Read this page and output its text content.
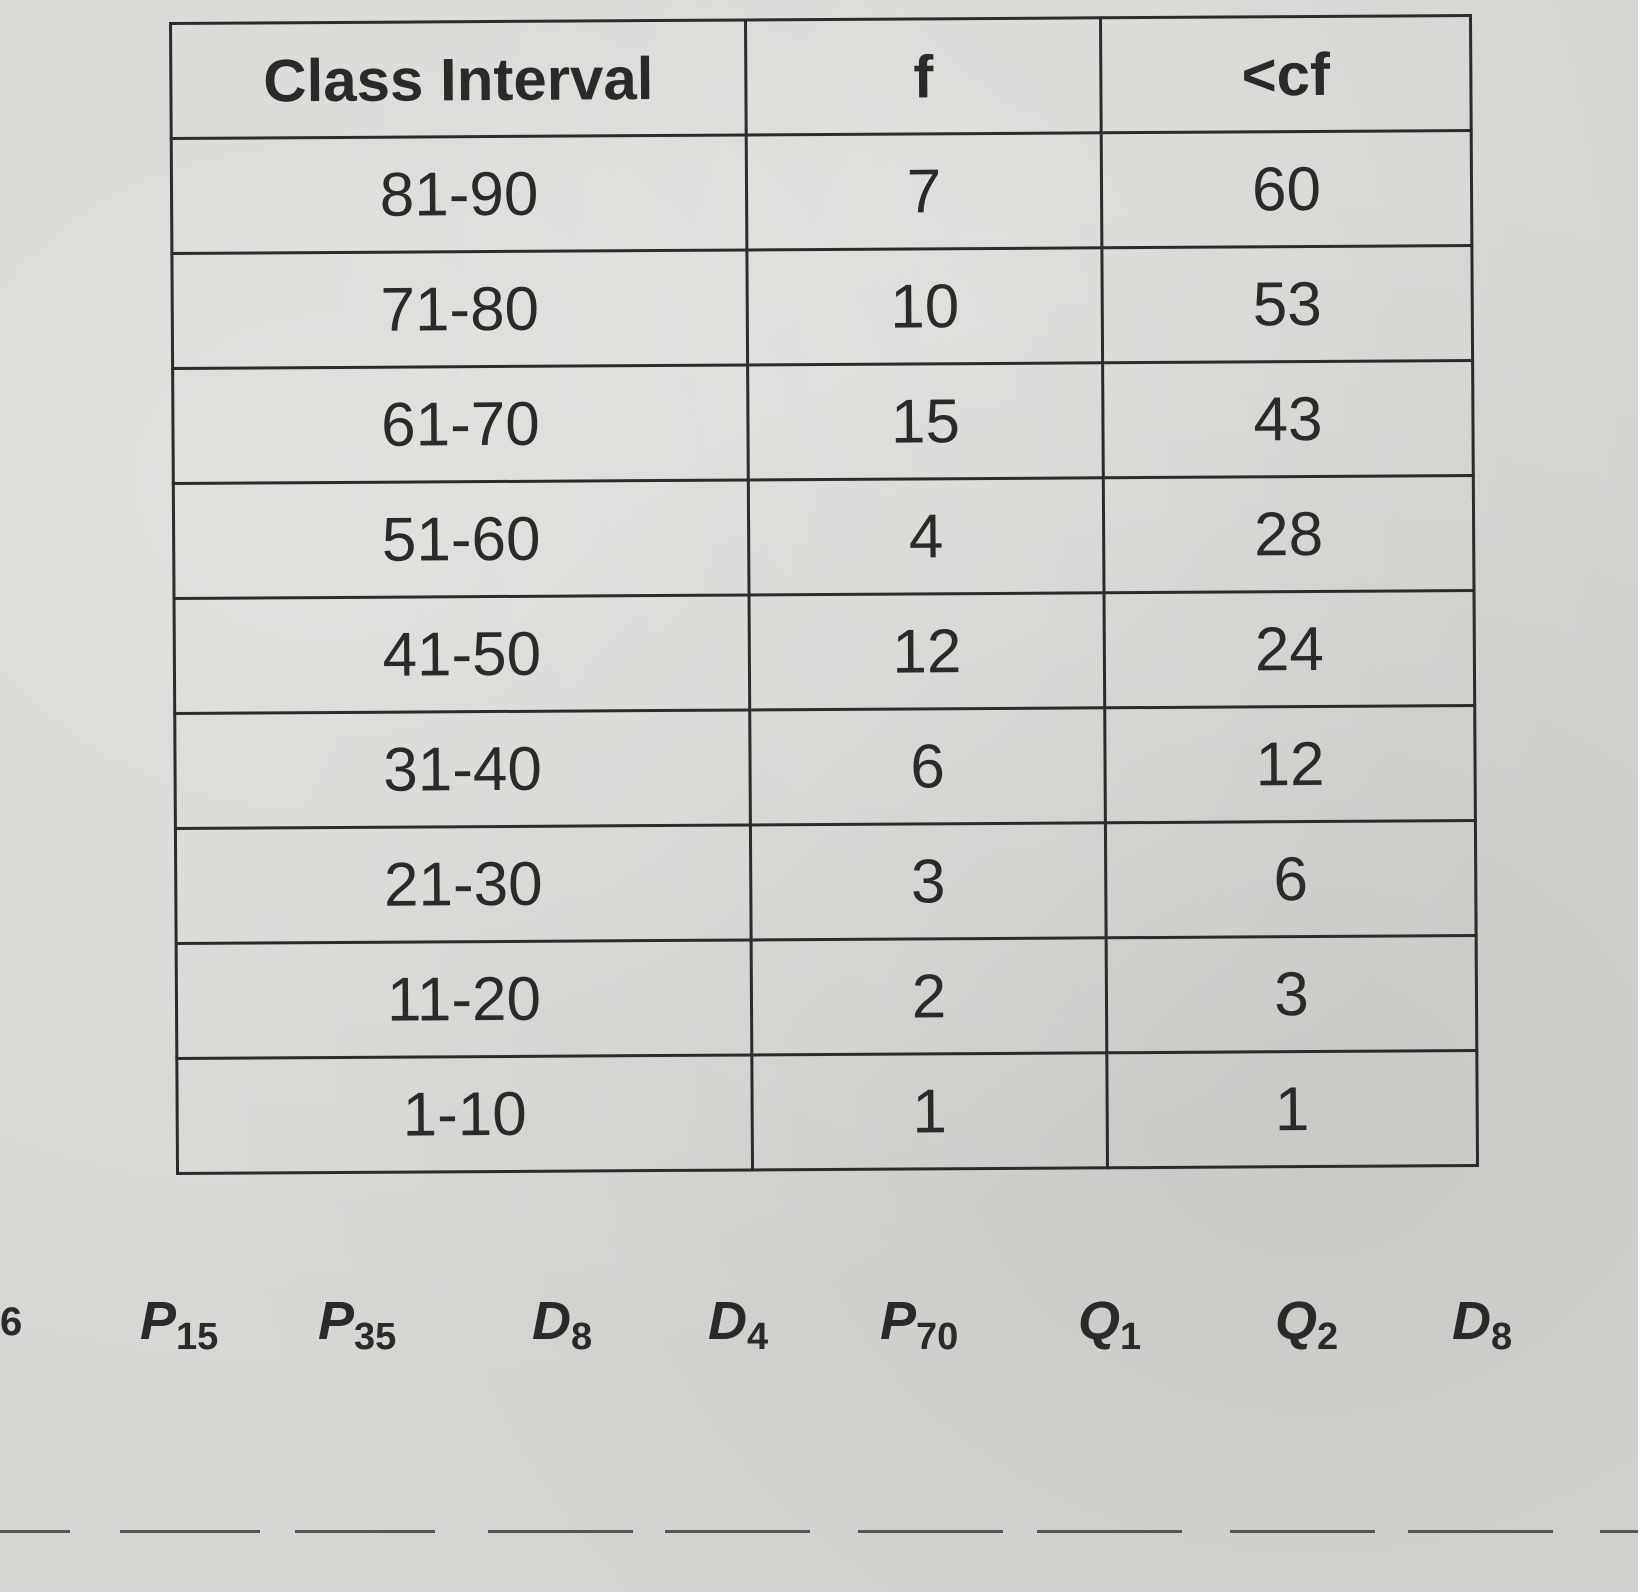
Class Interval	f	<cf
81-90	7	60
71-80	10	53
61-70	15	43
51-60	4	28
41-50	12	24
31-40	6	12
21-30	3	6
11-20	2	3
1-10	1	1
6 $P_{15}$ $P_{35}$	$D_8$ $D_4$ $P_{70}$ $Q_1$ $Q_2$ $D_8$
